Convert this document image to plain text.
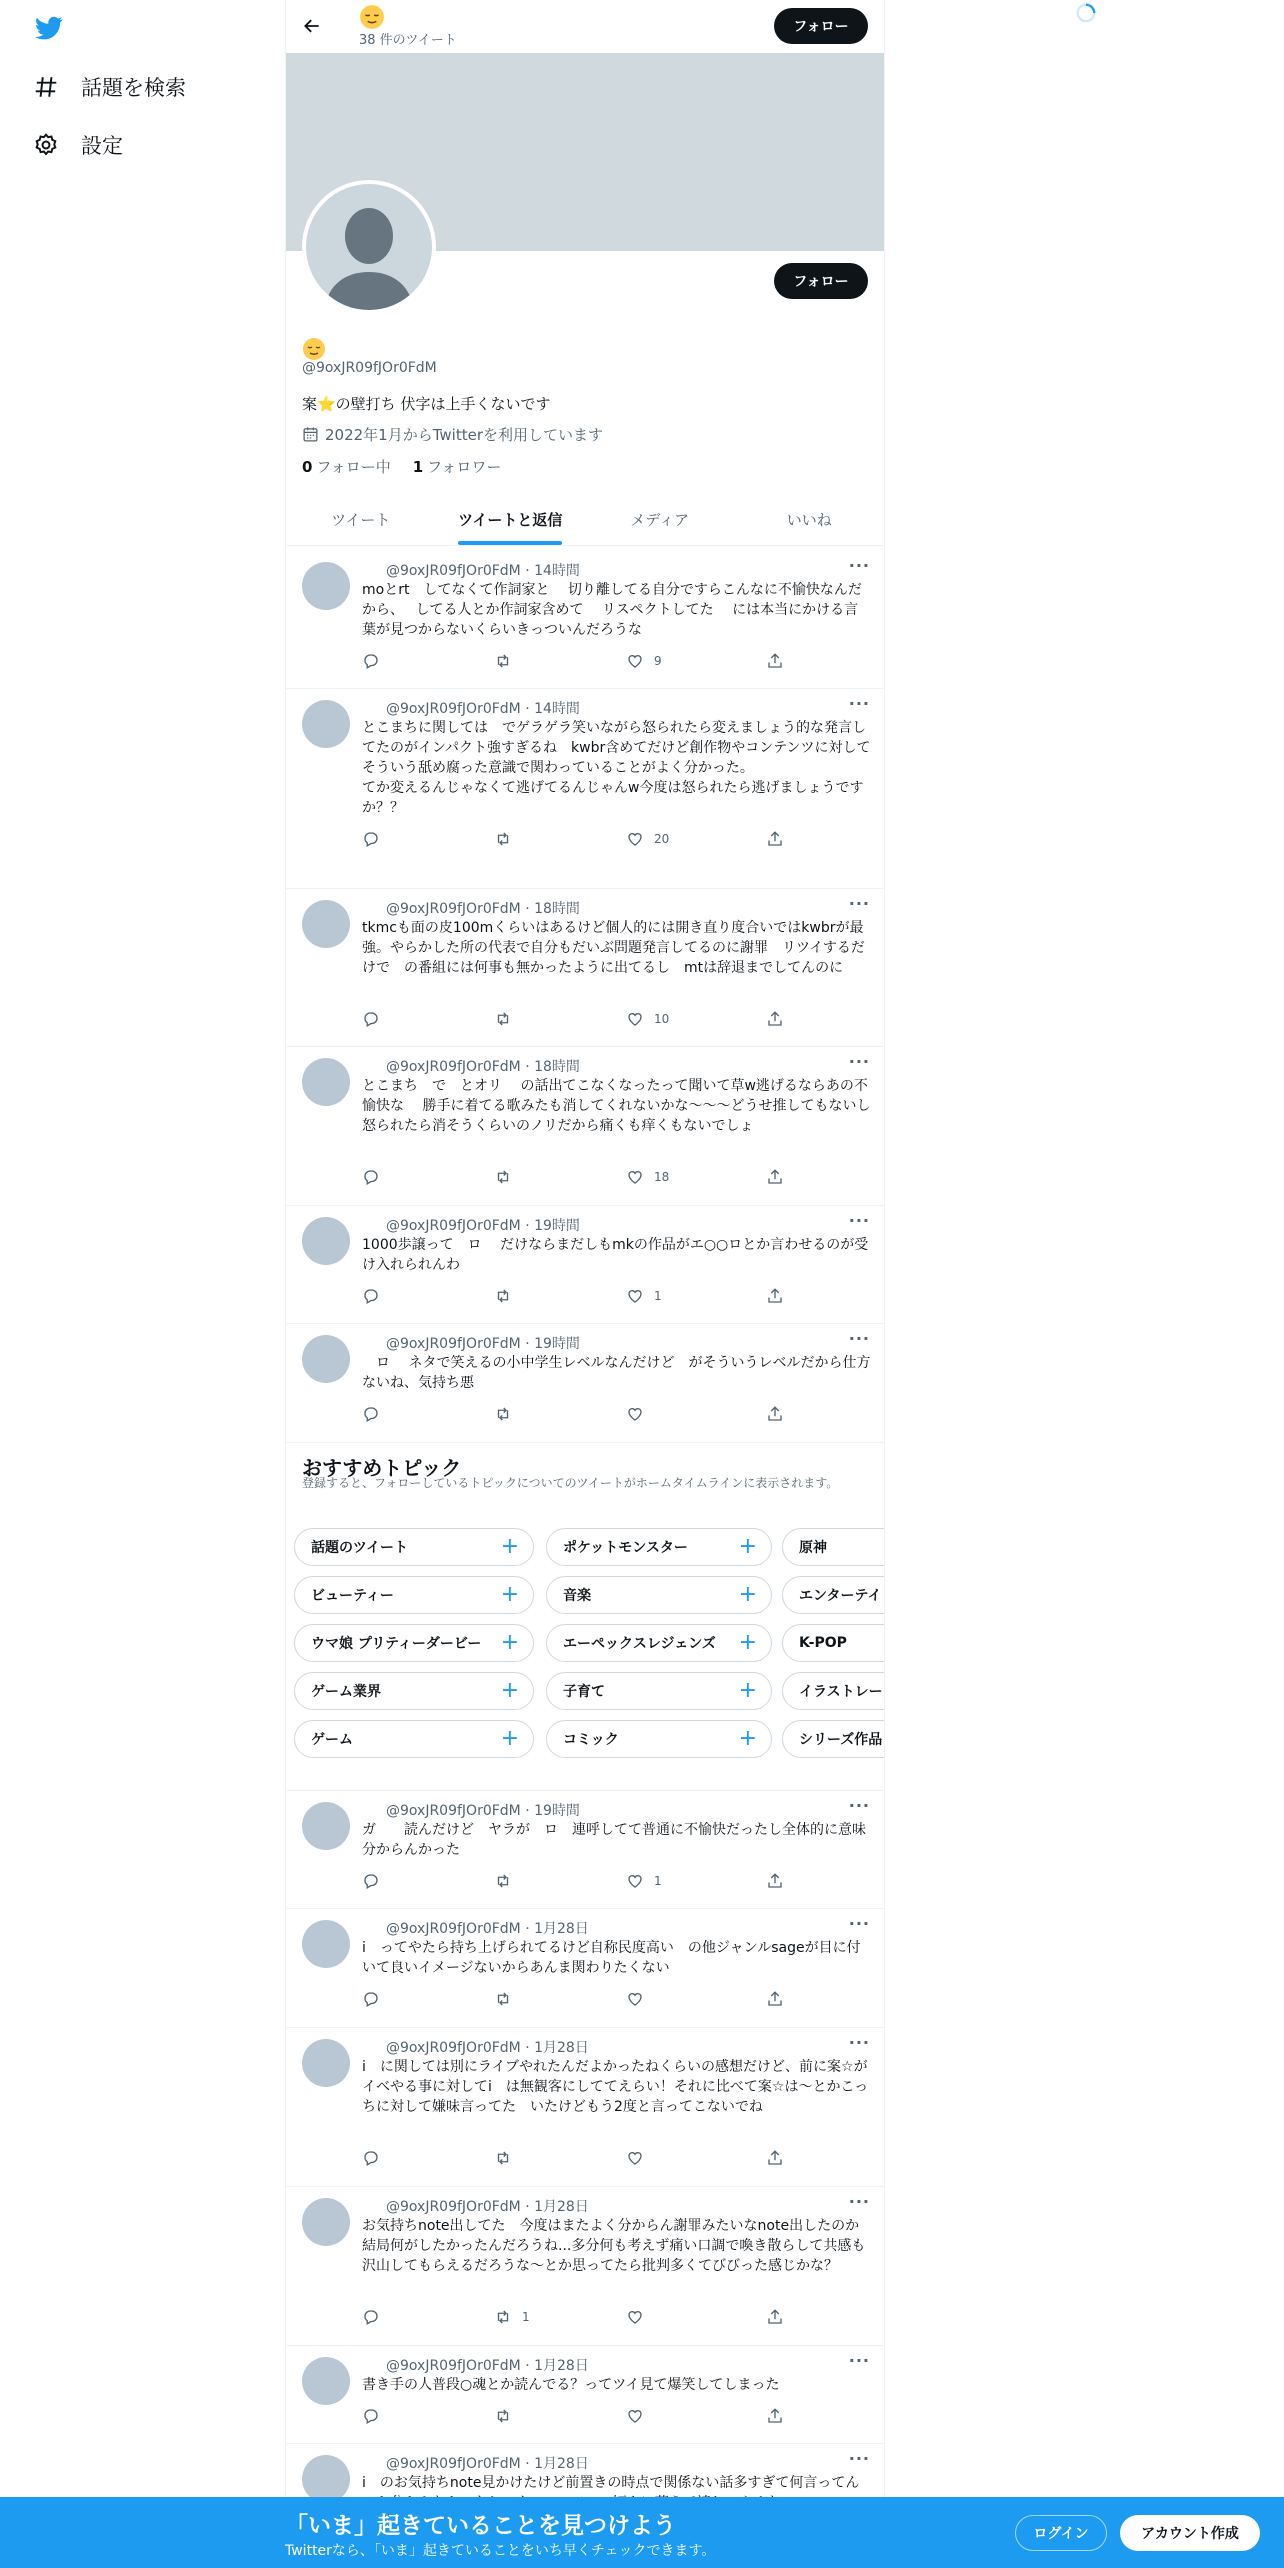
話題を検索
設定
38 件のツイート
フォロー
フォロー
@9oxJR09fJOr0FdM
案⭐の壁打ち 伏字は上手くないです
2022年1月からTwitterを利用しています
0 フォロー中 1 フォロワー
ツイート	ツイートと返信	メディア	いいね
@9oxJR09fJOr0FdM · 14時間	···
moとrt　してなくて作詞家と　 切り離してる自分ですらこんなに不愉快なんだから、　 してる人とか作詞家含めて　 リスペクトしてた　 には本当にかける言葉が見つからないくらいきっついんだろうな
9
@9oxJR09fJOr0FdM · 14時間	···
とこまちに関しては　でゲラゲラ笑いながら怒られたら変えましょう的な発言してたのがインパクト強すぎるね　kwbr含めてだけど創作物やコンテンツに対してそういう舐め腐った意識で関わっていることがよく分かった。
てか変えるんじゃなくて逃げてるんじゃんw今度は怒られたら逃げましょうですか？？
20
@9oxJR09fJOr0FdM · 18時間	···
tkmcも面の皮100mくらいはあるけど個人的には開き直り度合いではkwbrが最強。やらかした所の代表で自分もだいぶ問題発言してるのに謝罪　リツイするだけで　の番組には何事も無かったように出てるし　mtは辞退までしてんのに
10
@9oxJR09fJOr0FdM · 18時間	···
とこまち　で　とオリ　 の話出てこなくなったって聞いて草w逃げるならあの不愉快な　 勝手に着てる歌みたも消してくれないかな〜〜〜どうせ推してもないし怒られたら消そうくらいのノリだから痛くも痒くもないでしょ
18
@9oxJR09fJOr0FdM · 19時間	···
1000歩譲って　ロ　 だけならまだしもmkの作品がエ○○ロとか言わせるのが受け入れられんわ
1
@9oxJR09fJOr0FdM · 19時間	···
　ロ　 ネタで笑えるの小中学生レベルなんだけど　がそういうレベルだから仕方ないね、気持ち悪
@9oxJR09fJOr0FdM · 19時間	···
ガ　　読んだけど　ヤラが　ロ　連呼してて普通に不愉快だったし全体的に意味分からんかった
1
@9oxJR09fJOr0FdM · 1月28日	···
i　ってやたら持ち上げられてるけど自称民度高い　の他ジャンルsageが目に付いて良いイメージないからあんま関わりたくない
@9oxJR09fJOr0FdM · 1月28日	···
i　に関しては別にライブやれたんだよかったねくらいの感想だけど、前に案☆がイベやる事に対してi　は無観客にしててえらい！それに比べて案☆は〜とかこっちに対して嫌味言ってた　いたけどもう2度と言ってこないでね
@9oxJR09fJOr0FdM · 1月28日	···
お気持ちnote出してた　今度はまたよく分からん謝罪みたいなnote出したのか　結局何がしたかったんだろうね...多分何も考えず痛い口調で喚き散らして共感も沢山してもらえるだろうな〜とか思ってたら批判多くてびびった感じかな？
1
@9oxJR09fJOr0FdM · 1月28日	···
書き手の人普段○魂とか読んでる？ってツイ見て爆笑してしまった
@9oxJR09fJOr0FdM · 1月28日	···
i　のお気持ちnote見かけたけど前置きの時点で関係ない話多すぎて何言ってん
おすすめトピック
登録すると、フォローしているトピックについてのツイートがホームタイムラインに表示されます。
話題のツイート	+	ポケットモンスター +	原神
ビューティー	+	音楽	+	エンターテイ
ウマ娘 プリティーダービー +	エーペックスレジェンズ +	K-POP
ゲーム業界	+	子育て	+	イラストレー
ゲーム	+	コミック	+	シリーズ作品
「いま」起きていることを見つけよう
Twitterなら、「いま」起きていることをいち早くチェックできます。
ログイン	アカウント作成
